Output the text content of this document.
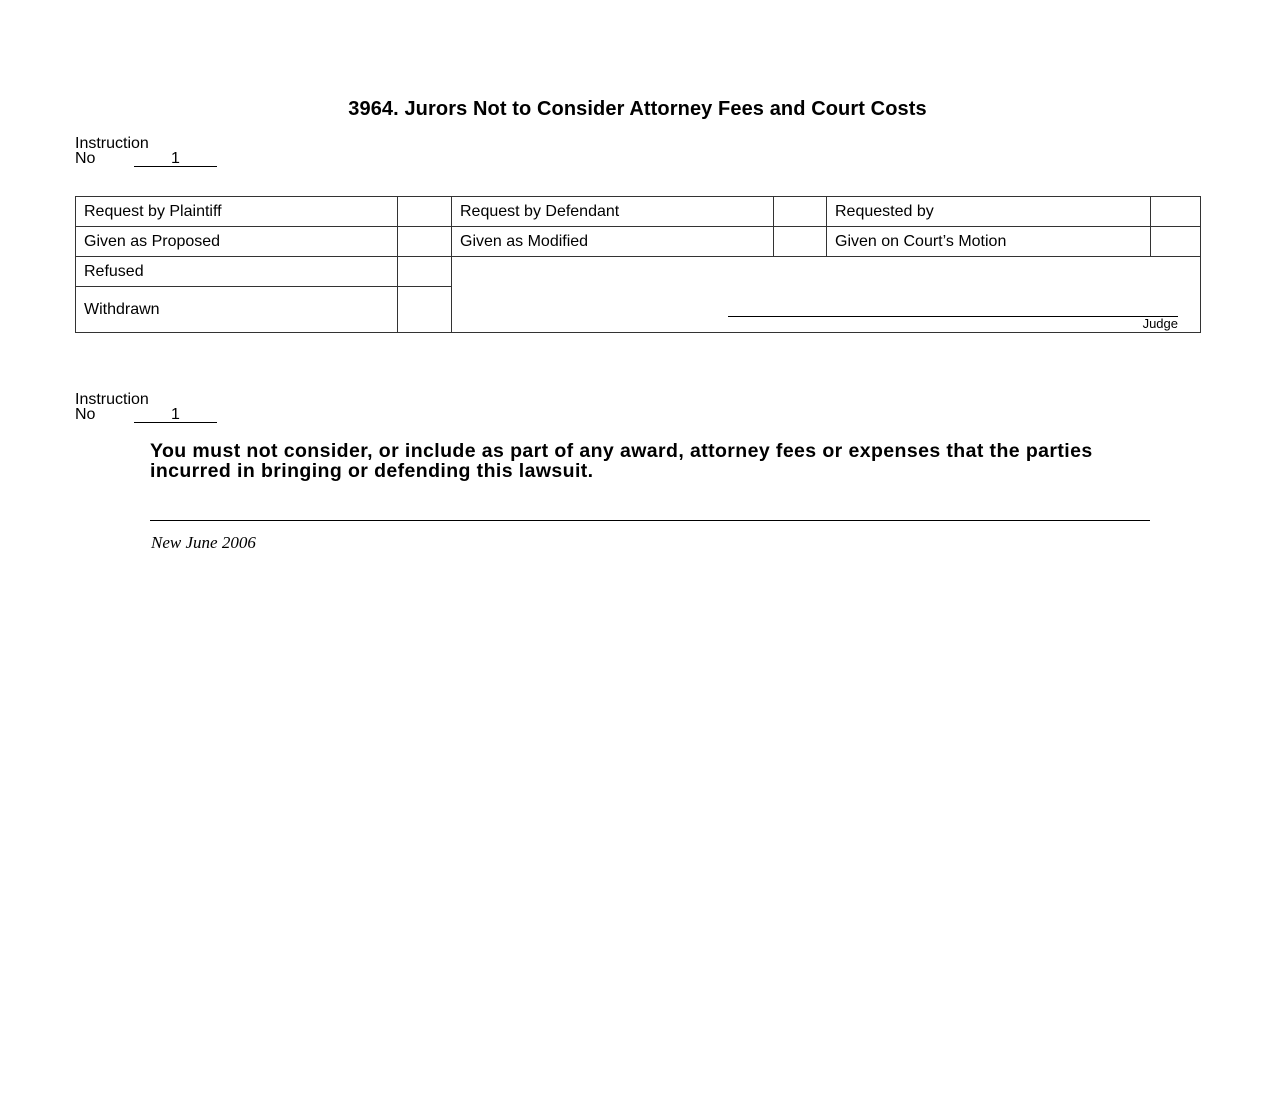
3964. Jurors Not to Consider Attorney Fees and Court Costs
Instruction
No	1
Request by Plaintiff		Request by Defendant		Requested by	
Given as Proposed		Given as Modified		Given on Court’s Motion	
Refused		Judge			

Withdrawn					
Instruction
No	1
You must not consider, or include as part of any award, attorney fees or expenses that the parties incurred in bringing or defending this lawsuit.
New June 2006
